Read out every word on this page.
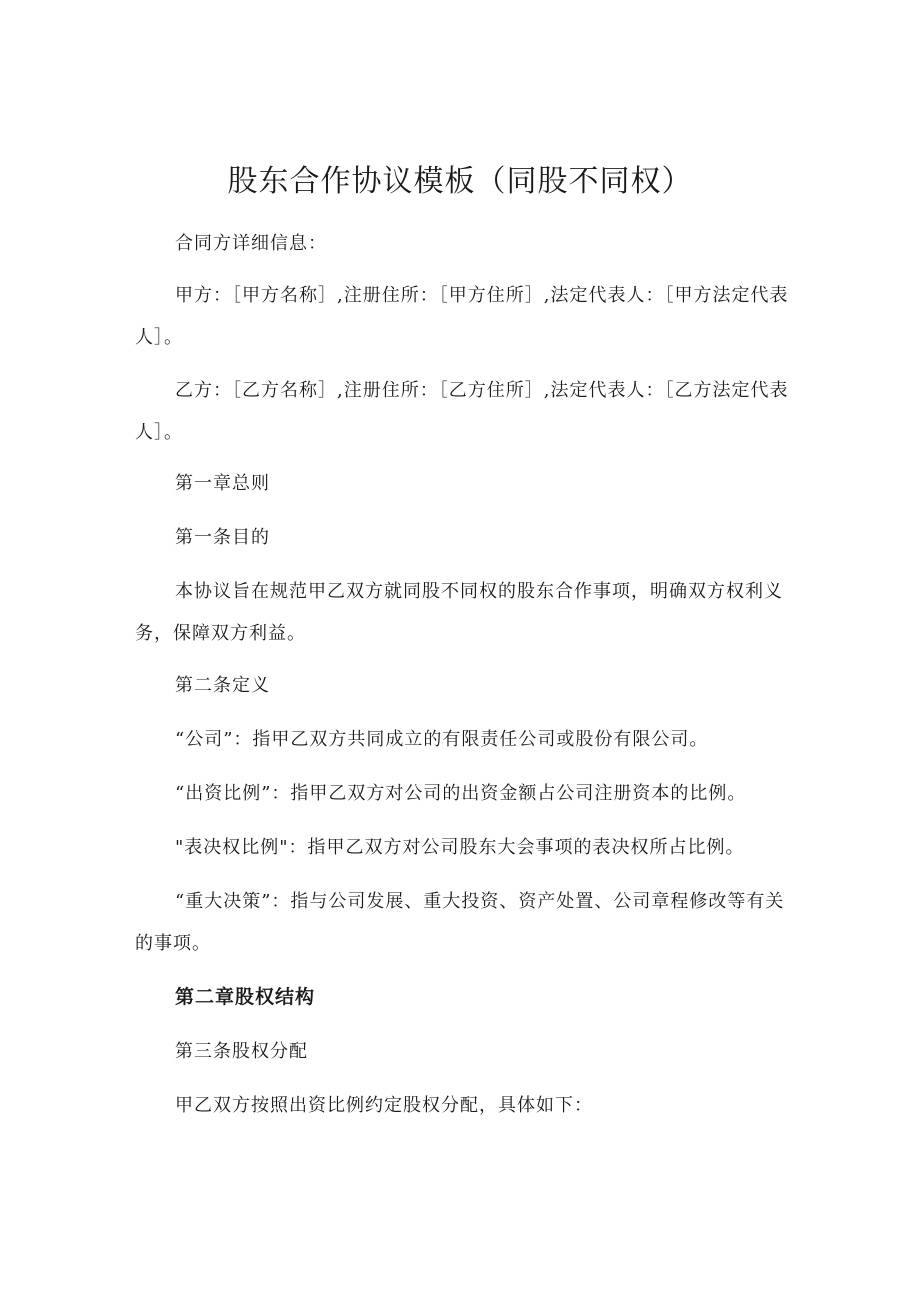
股东合作协议模板（同股不同权）

合同方详细信息：

甲方：［甲方名称］,注册住所：［甲方住所］,法定代表人：［甲方法定代表人］。

乙方：［乙方名称］,注册住所：［乙方住所］,法定代表人：［乙方法定代表人］。

第一章总则

第一条目的

本协议旨在规范甲乙双方就同股不同权的股东合作事项，明确双方权利义务，保障双方利益。

第二条定义

“公司”：指甲乙双方共同成立的有限责任公司或股份有限公司。

“出资比例”：指甲乙双方对公司的出资金额占公司注册资本的比例。

"表决权比例"：指甲乙双方对公司股东大会事项的表决权所占比例。

“重大决策”：指与公司发展、重大投资、资产处置、公司章程修改等有关的事项。

第二章股权结构

第三条股权分配

甲乙双方按照出资比例约定股权分配，具体如下：
